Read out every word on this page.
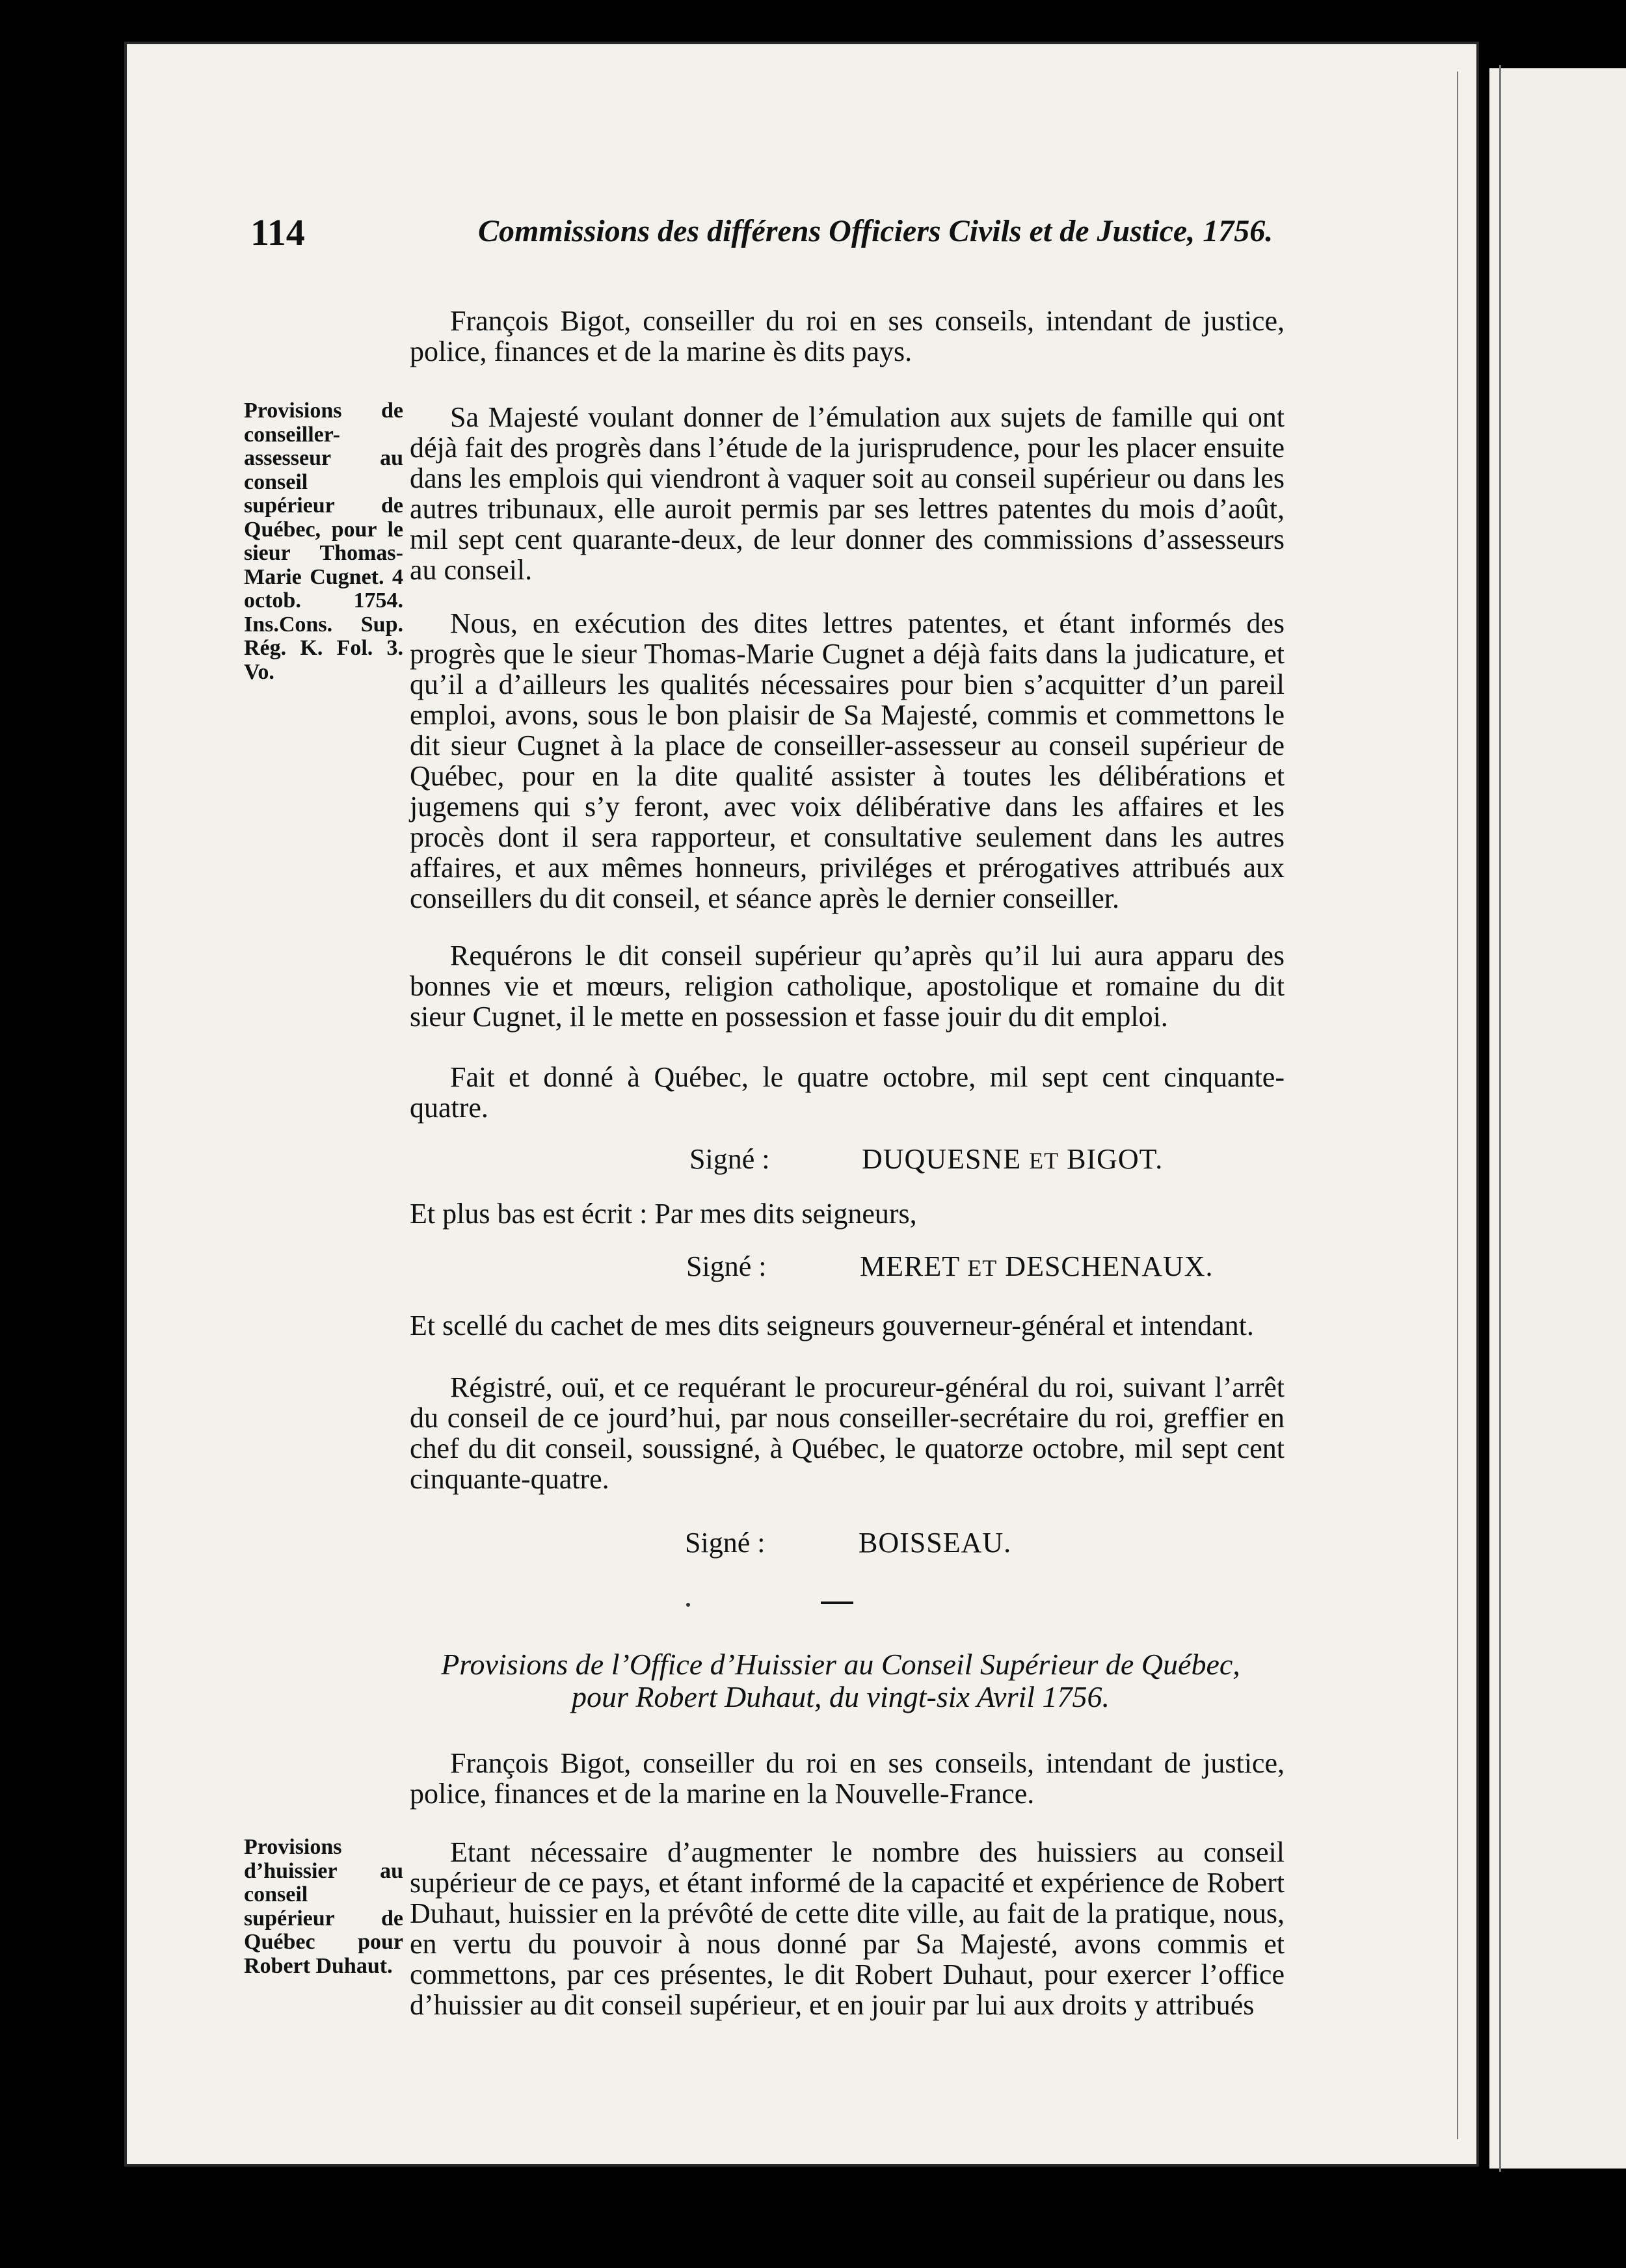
114	Commissions des différens Officiers Civils et de Justice, 1756.

François Bigot, conseiller du roi en ses conseils, intendant de justice, police, finances et de la marine ès dits pays.

Provisions de conseiller-assesseur au conseil supérieur de Québec, pour le sieur Thomas-Marie Cugnet. 4 octob. 1754. Ins.Cons. Sup. Rég. K. Fol. 3. Vo.

Sa Majesté voulant donner de l’émulation aux sujets de famille qui ont déjà fait des progrès dans l’étude de la jurisprudence, pour les placer ensuite dans les emplois qui viendront à vaquer soit au conseil supérieur ou dans les autres tribunaux, elle auroit permis par ses lettres patentes du mois d’août, mil sept cent quarante-deux, de leur donner des commissions d’assesseurs au conseil.

Nous, en exécution des dites lettres patentes, et étant informés des progrès que le sieur Thomas-Marie Cugnet a déjà faits dans la judicature, et qu’il a d’ailleurs les qualités nécessaires pour bien s’acquitter d’un pareil emploi, avons, sous le bon plaisir de Sa Majesté, commis et commettons le dit sieur Cugnet à la place de conseiller-assesseur au conseil supérieur de Québec, pour en la dite qualité assister à toutes les délibérations et jugemens qui s’y feront, avec voix délibérative dans les affaires et les procès dont il sera rapporteur, et consultative seulement dans les autres affaires, et aux mêmes honneurs, priviléges et prérogatives attribués aux conseillers du dit conseil, et séance après le dernier conseiller.

Requérons le dit conseil supérieur qu’après qu’il lui aura apparu des bonnes vie et mœurs, religion catholique, apostolique et romaine du dit sieur Cugnet, il le mette en possession et fasse jouir du dit emploi.

Fait et donné à Québec, le quatre octobre, mil sept cent cinquante-quatre.

Signé :	DUQUESNE ET BIGOT.

Et plus bas est écrit : Par mes dits seigneurs,

Signé :	MERET ET DESCHENAUX.

Et scellé du cachet de mes dits seigneurs gouverneur-général et intendant.

Régistré, ouï, et ce requérant le procureur-général du roi, suivant l’arrêt du conseil de ce jourd’hui, par nous conseiller-secrétaire du roi, greffier en chef du dit conseil, soussigné, à Québec, le quatorze octobre, mil sept cent cinquante-quatre.

Signé :	BOISSEAU.
Provisions de l’Office d’Huissier au Conseil Supérieur de Québec,
pour Robert Duhaut, du vingt-six Avril 1756.

François Bigot, conseiller du roi en ses conseils, intendant de justice, police, finances et de la marine en la Nouvelle-France.

Provisions d’huissier au conseil supérieur de Québec pour Robert Duhaut.

Etant nécessaire d’augmenter le nombre des huissiers au conseil supérieur de ce pays, et étant informé de la capacité et expérience de Robert Duhaut, huissier en la prévôté de cette dite ville, au fait de la pratique, nous, en vertu du pouvoir à nous donné par Sa Majesté, avons commis et commettons, par ces présentes, le dit Robert Duhaut, pour exercer l’office d’huissier au dit conseil supérieur, et en jouir par lui aux droits y attribués
